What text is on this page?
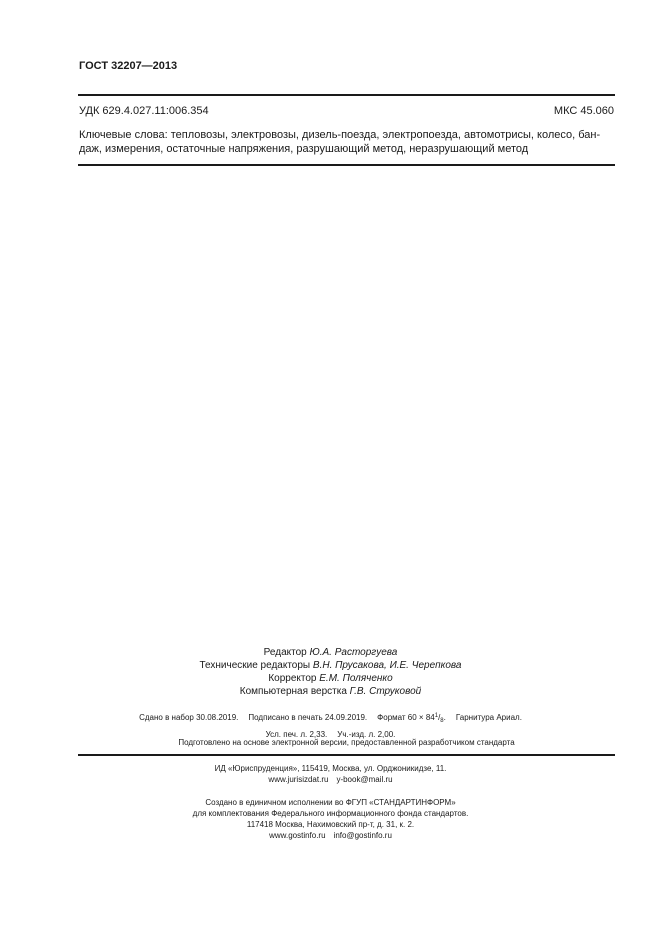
ГОСТ 32207—2013
УДК 629.4.027.11:006.354	МКС 45.060
Ключевые слова: тепловозы, электровозы, дизель-поезда, электропоезда, автомотрисы, колесо, бан-
даж, измерения, остаточные напряжения, разрушающий метод, неразрушающий метод
Редактор Ю.А. Расторгуева
Технические редакторы В.Н. Прусакова, И.Е. Черепкова
Корректор Е.М. Поляченко
Компьютерная верстка Г.В. Струковой
Сдано в набор 30.08.2019. Подписано в печать 24.09.2019. Формат $60 \times 84^1/_8$. Гарнитура Ариал.
Усл. печ. л. 2,33. Уч.-изд. л. 2,00.
Подготовлено на основе электронной версии, предоставленной разработчиком стандарта
ИД «Юриспруденция», 115419, Москва, ул. Орджоникидзе, 11.
www.jurisizdat.ru y-book@mail.ru
Создано в единичном исполнении во ФГУП «СТАНДАРТИНФОРМ»
для комплектования Федерального информационного фонда стандартов.
117418 Москва, Нахимовский пр-т, д. 31, к. 2.
www.gostinfo.ru info@gostinfo.ru
